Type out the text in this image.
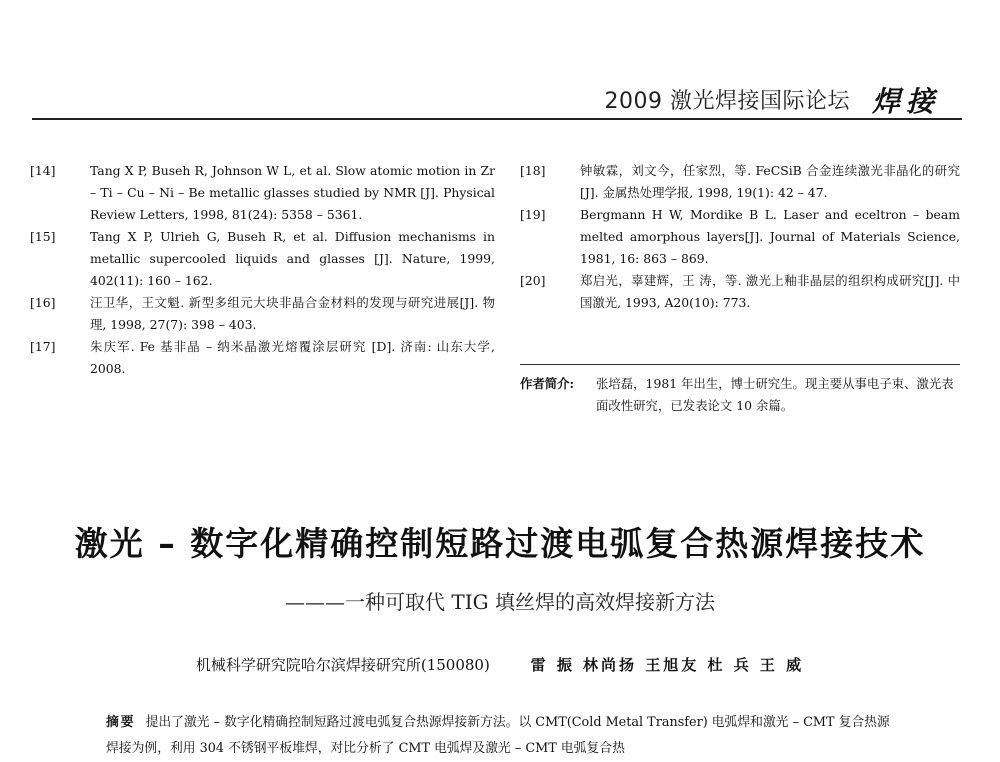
2009 激光焊接国际论坛 焊接
[14]	Tang X P, Buseh R, Johnson W L, et al. Slow atomic motion in Zr – Ti – Cu – Ni – Be metallic glasses studied by NMR [J]. Physical Review Letters, 1998, 81(24): 5358 – 5361.
[15]	Tang X P, Ulrieh G, Buseh R, et al. Diffusion mechanisms in metallic supercooled liquids and glasses [J]. Nature, 1999, 402(11): 160 – 162.
[16]	汪卫华，王文魁. 新型多组元大块非晶合金材料的发现与研究进展[J]. 物理, 1998, 27(7): 398 – 403.
[17]	朱庆军. Fe 基非晶 – 纳米晶激光熔覆涂层研究 [D]. 济南: 山东大学, 2008.
[18]	钟敏霖，刘文今，任家烈，等. FeCSiB 合金连续激光非晶化的研究[J]. 金属热处理学报, 1998, 19(1): 42 – 47.
[19]	Bergmann H W, Mordike B L. Laser and eceltron – beam melted amorphous layers[J]. Journal of Materials Science, 1981, 16: 863 – 869.
[20]	郑启光，辜建辉，王 涛，等. 激光上釉非晶层的组织构成研究[J]. 中国激光, 1993, A20(10): 773.
作者简介:	张培磊，1981 年出生，博士研究生。现主要从事电子束、激光表面改性研究，已发表论文 10 余篇。
激光 – 数字化精确控制短路过渡电弧复合热源焊接技术
———一种可取代 TIG 填丝焊的高效焊接新方法
机械科学研究院哈尔滨焊接研究所(150080)	雷 振 林尚扬 王旭友 杜 兵 王 威
摘要 提出了激光 – 数字化精确控制短路过渡电弧复合热源焊接新方法。以 CMT(Cold Metal Transfer) 电弧焊和激光 – CMT 复合热源焊接为例，利用 304 不锈钢平板堆焊，对比分析了 CMT 电弧焊及激光 – CMT 电弧复合热
